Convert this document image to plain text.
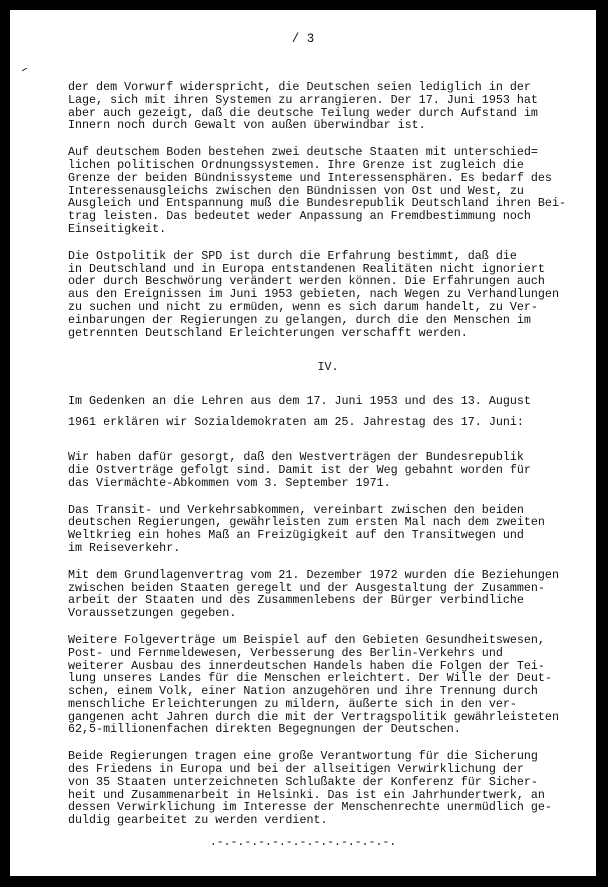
/ 3
der dem Vorwurf widerspricht, die Deutschen seien lediglich in der
Lage, sich mit ihren Systemen zu arrangieren. Der 17. Juni 1953 hat
aber auch gezeigt, daß die deutsche Teilung weder durch Aufstand im
Innern noch durch Gewalt von außen überwindbar ist.
Auf deutschem Boden bestehen zwei deutsche Staaten mit unterschied=
lichen politischen Ordnungssystemen. Ihre Grenze ist zugleich die
Grenze der beiden Bündnissysteme und Interessensphären. Es bedarf des
Interessenausgleichs zwischen den Bündnissen von Ost und West, zu
Ausgleich und Entspannung muß die Bundesrepublik Deutschland ihren Bei-
trag leisten. Das bedeutet weder Anpassung an Fremdbestimmung noch
Einseitigkeit.
Die Ostpolitik der SPD ist durch die Erfahrung bestimmt, daß die
in Deutschland und in Europa entstandenen Realitäten nicht ignoriert
oder durch Beschwörung verändert werden können. Die Erfahrungen auch
aus den Ereignissen im Juni 1953 gebieten, nach Wegen zu Verhandlungen
zu suchen und nicht zu ermüden, wenn es sich darum handelt, zu Ver-
einbarungen der Regierungen zu gelangen, durch die den Menschen im
getrennten Deutschland Erleichterungen verschafft werden.
IV.
Im Gedenken an die Lehren aus dem 17. Juni 1953 und des 13. August
1961 erklären wir Sozialdemokraten am 25. Jahrestag des 17. Juni:
Wir haben dafür gesorgt, daß den Westverträgen der Bundesrepublik
die Ostverträge gefolgt sind. Damit ist der Weg gebahnt worden für
das Viermächte-Abkommen vom 3. September 1971.
Das Transit- und Verkehrsabkommen, vereinbart zwischen den beiden
deutschen Regierungen, gewährleisten zum ersten Mal nach dem zweiten
Weltkrieg ein hohes Maß an Freizügigkeit auf den Transitwegen und
im Reiseverkehr.
Mit dem Grundlagenvertrag vom 21. Dezember 1972 wurden die Beziehungen
zwischen beiden Staaten geregelt und der Ausgestaltung der Zusammen-
arbeit der Staaten und des Zusammenlebens der Bürger verbindliche
Voraussetzungen gegeben.
Weitere Folgeverträge um Beispiel auf den Gebieten Gesundheitswesen,
Post- und Fernmeldewesen, Verbesserung des Berlin-Verkehrs und
weiterer Ausbau des innerdeutschen Handels haben die Folgen der Tei-
lung unseres Landes für die Menschen erleichtert. Der Wille der Deut-
schen, einem Volk, einer Nation anzugehören und ihre Trennung durch
menschliche Erleichterungen zu mildern, äußerte sich in den ver-
gangenen acht Jahren durch die mit der Vertragspolitik gewährleisteten
62,5-millionenfachen direkten Begegnungen der Deutschen.
Beide Regierungen tragen eine große Verantwortung für die Sicherung
des Friedens in Europa und bei der allseitigen Verwirklichung der
von 35 Staaten unterzeichneten Schlußakte der Konferenz für Sicher-
heit und Zusammenarbeit in Helsinki. Das ist ein Jahrhundertwerk, an
dessen Verwirklichung im Interesse der Menschenrechte unermüdlich ge-
duldig gearbeitet zu werden verdient.
.-.-.-.-.-.-.-.-.-.-.-.-.-.
